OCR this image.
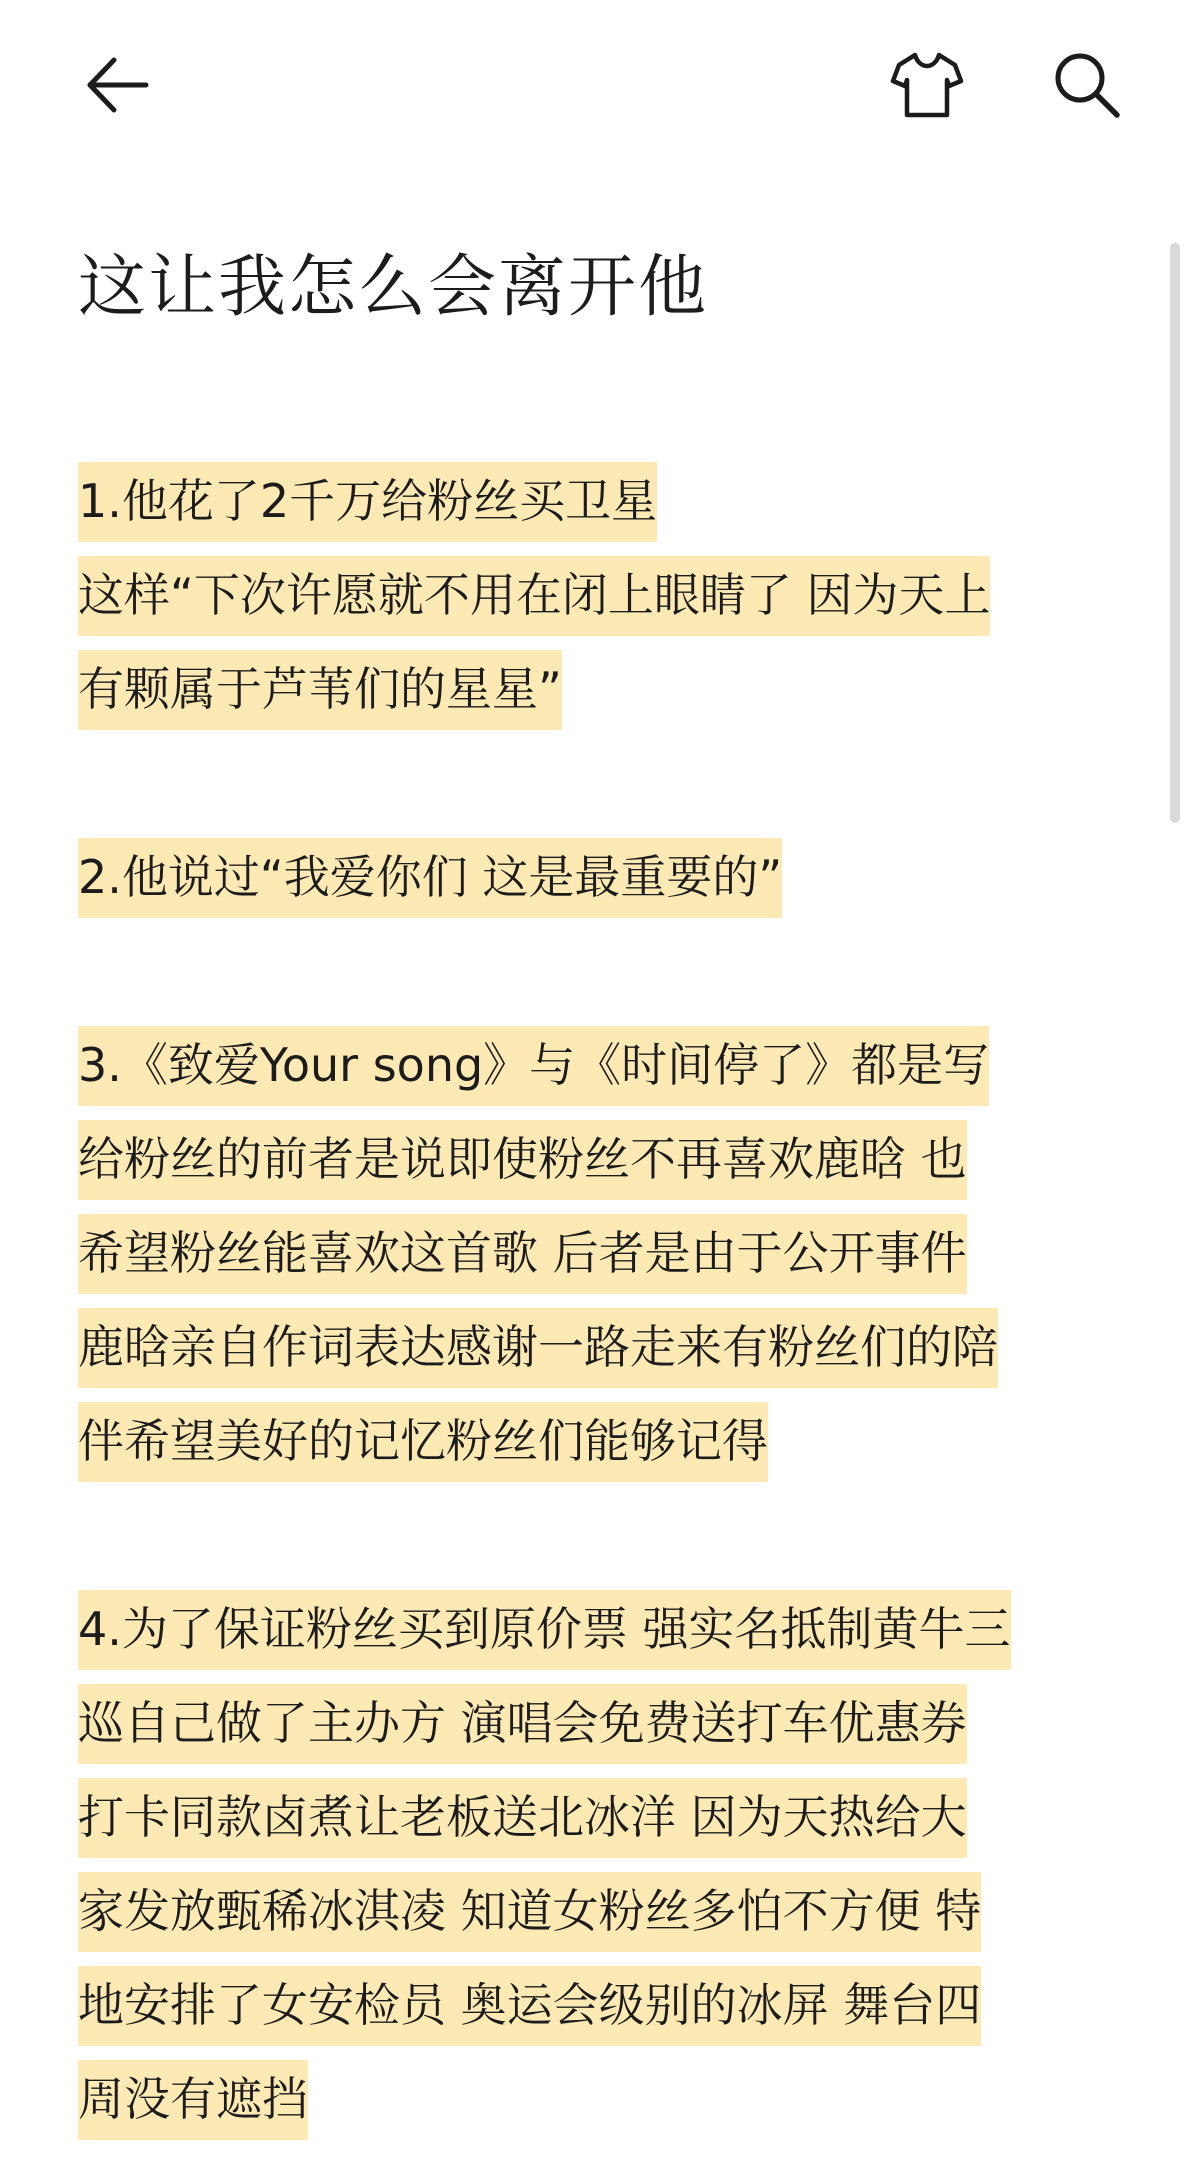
这让我怎么会离开他
1.他花了2千万给粉丝买卫星
这样“下次许愿就不用在闭上眼睛了 因为天上
有颗属于芦苇们的星星”
2.他说过“我爱你们 这是最重要的”
3.《致爱Your song》与《时间停了》都是写
给粉丝的前者是说即使粉丝不再喜欢鹿晗 也
希望粉丝能喜欢这首歌 后者是由于公开事件
鹿晗亲自作词表达感谢一路走来有粉丝们的陪
伴希望美好的记忆粉丝们能够记得
4.为了保证粉丝买到原价票 强实名抵制黄牛三
巡自己做了主办方 演唱会免费送打车优惠券
打卡同款卤煮让老板送北冰洋 因为天热给大
家发放甄稀冰淇凌 知道女粉丝多怕不方便 特
地安排了女安检员 奥运会级别的冰屏 舞台四
周没有遮挡
